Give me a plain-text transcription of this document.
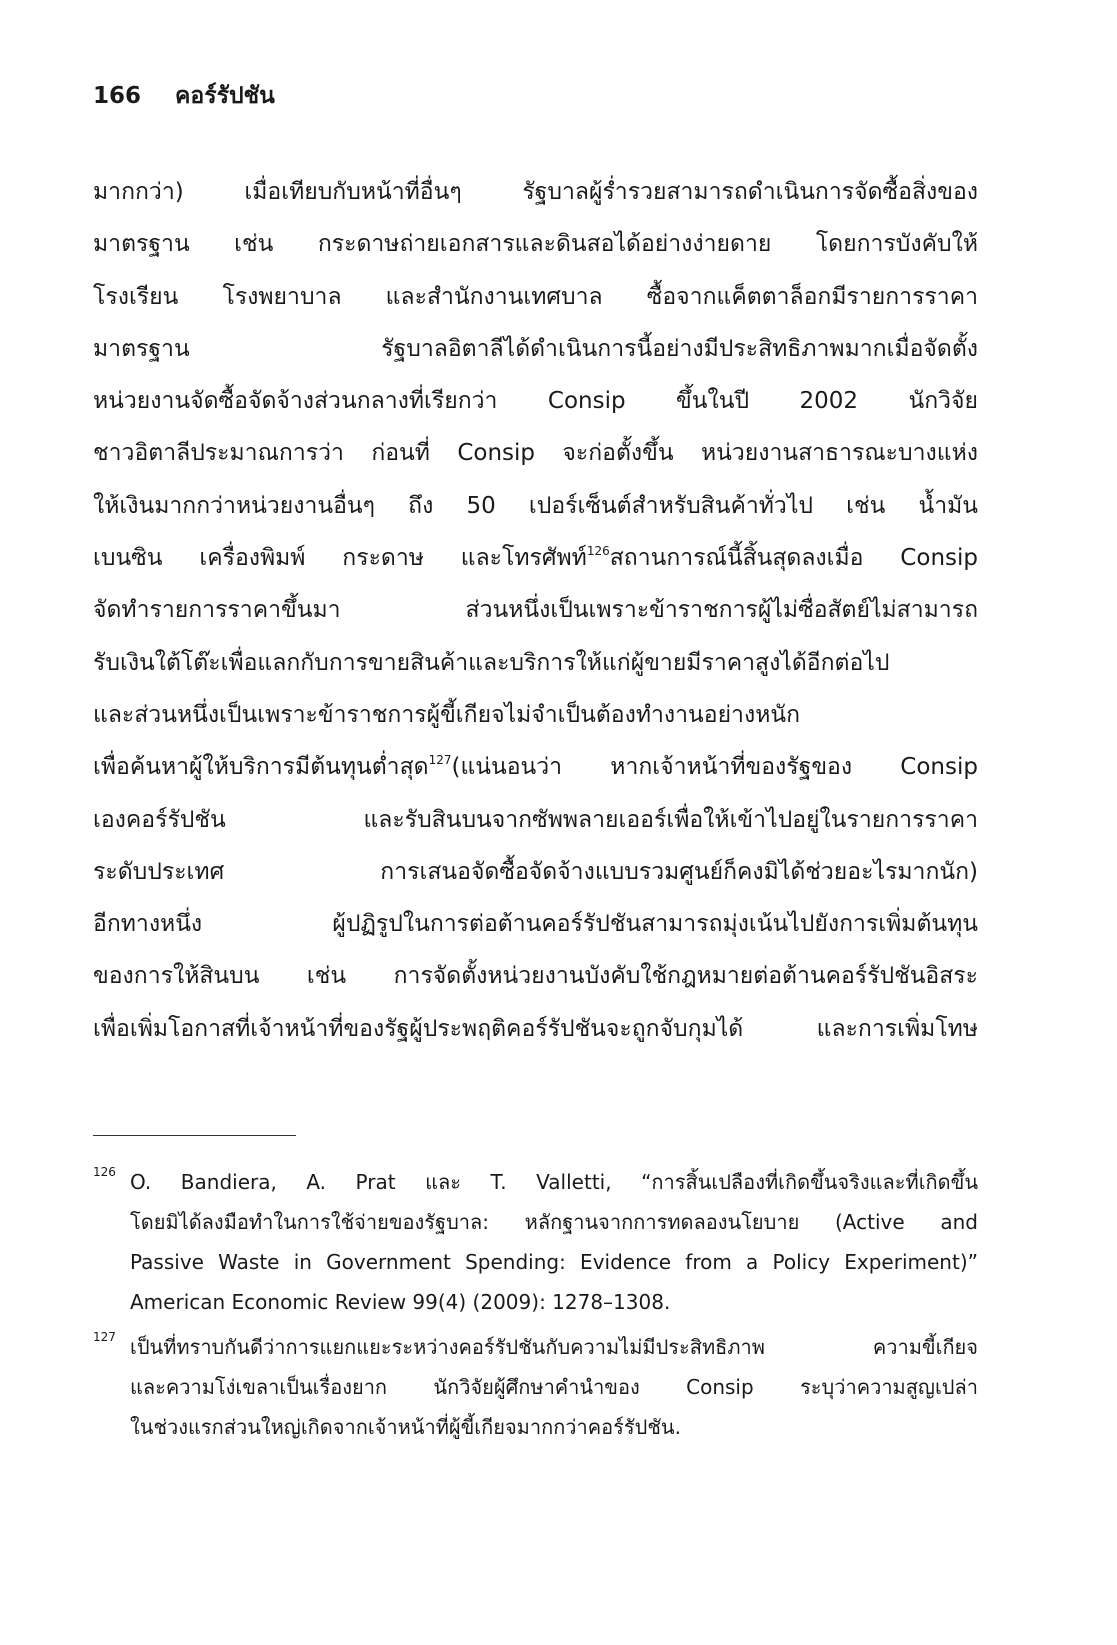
166 คอร์รัปชัน
มากกว่า) เมื่อเทียบกับหน้าที่อื่นๆ รัฐบาลผู้ร่ำรวยสามารถดำเนินการจัดซื้อสิ่งของ
มาตรฐาน เช่น กระดาษถ่ายเอกสารและดินสอได้อย่างง่ายดาย โดยการบังคับให้
โรงเรียน โรงพยาบาล และสำนักงานเทศบาล ซื้อจากแค็ตตาล็อกมีรายการราคา
มาตรฐาน รัฐบาลอิตาลีได้ดำเนินการนี้อย่างมีประสิทธิภาพมากเมื่อจัดตั้ง
หน่วยงานจัดซื้อจัดจ้างส่วนกลางที่เรียกว่า Consip ขึ้นในปี 2002 นักวิจัย
ชาวอิตาลีประมาณการว่า ก่อนที่ Consip จะก่อตั้งขึ้น หน่วยงานสาธารณะบางแห่ง
ให้เงินมากกว่าหน่วยงานอื่นๆ ถึง 50 เปอร์เซ็นต์สำหรับสินค้าทั่วไป เช่น น้ำมัน
เบนซิน เครื่องพิมพ์ กระดาษ และโทรศัพท์$^{126}$สถานการณ์นี้สิ้นสุดลงเมื่อ Consip
จัดทำรายการราคาขึ้นมา ส่วนหนึ่งเป็นเพราะข้าราชการผู้ไม่ซื่อสัตย์ไม่สามารถ
รับเงินใต้โต๊ะเพื่อแลกกับการขายสินค้าและบริการให้แก่ผู้ขายมีราคาสูงได้อีกต่อไป
และส่วนหนึ่งเป็นเพราะข้าราชการผู้ขี้เกียจไม่จำเป็นต้องทำงานอย่างหนัก
เพื่อค้นหาผู้ให้บริการมีต้นทุนต่ำสุด$^{127}$(แน่นอนว่า หากเจ้าหน้าที่ของรัฐของ Consip
เองคอร์รัปชัน และรับสินบนจากซัพพลายเออร์เพื่อให้เข้าไปอยู่ในรายการราคา
ระดับประเทศ การเสนอจัดซื้อจัดจ้างแบบรวมศูนย์ก็คงมิได้ช่วยอะไรมากนัก)
อีกทางหนึ่ง ผู้ปฏิรูปในการต่อต้านคอร์รัปชันสามารถมุ่งเน้นไปยังการเพิ่มต้นทุน
ของการให้สินบน เช่น การจัดตั้งหน่วยงานบังคับใช้กฎหมายต่อต้านคอร์รัปชันอิสระ
เพื่อเพิ่มโอกาสที่เจ้าหน้าที่ของรัฐผู้ประพฤติคอร์รัปชันจะถูกจับกุมได้ และการเพิ่มโทษ
126 O. Bandiera, A. Prat และ T. Valletti, “การสิ้นเปลืองที่เกิดขึ้นจริงและที่เกิดขึ้น
โดยมิได้ลงมือทำในการใช้จ่ายของรัฐบาล: หลักฐานจากการทดลองนโยบาย (Active and
Passive Waste in Government Spending: Evidence from a Policy Experiment)”
American Economic Review 99(4) (2009): 1278–1308.
127 เป็นที่ทราบกันดีว่าการแยกแยะระหว่างคอร์รัปชันกับความไม่มีประสิทธิภาพ ความขี้เกียจ
และความโง่เขลาเป็นเรื่องยาก นักวิจัยผู้ศึกษาคำนำของ Consip ระบุว่าความสูญเปล่า
ในช่วงแรกส่วนใหญ่เกิดจากเจ้าหน้าที่ผู้ขี้เกียจมากกว่าคอร์รัปชัน.
